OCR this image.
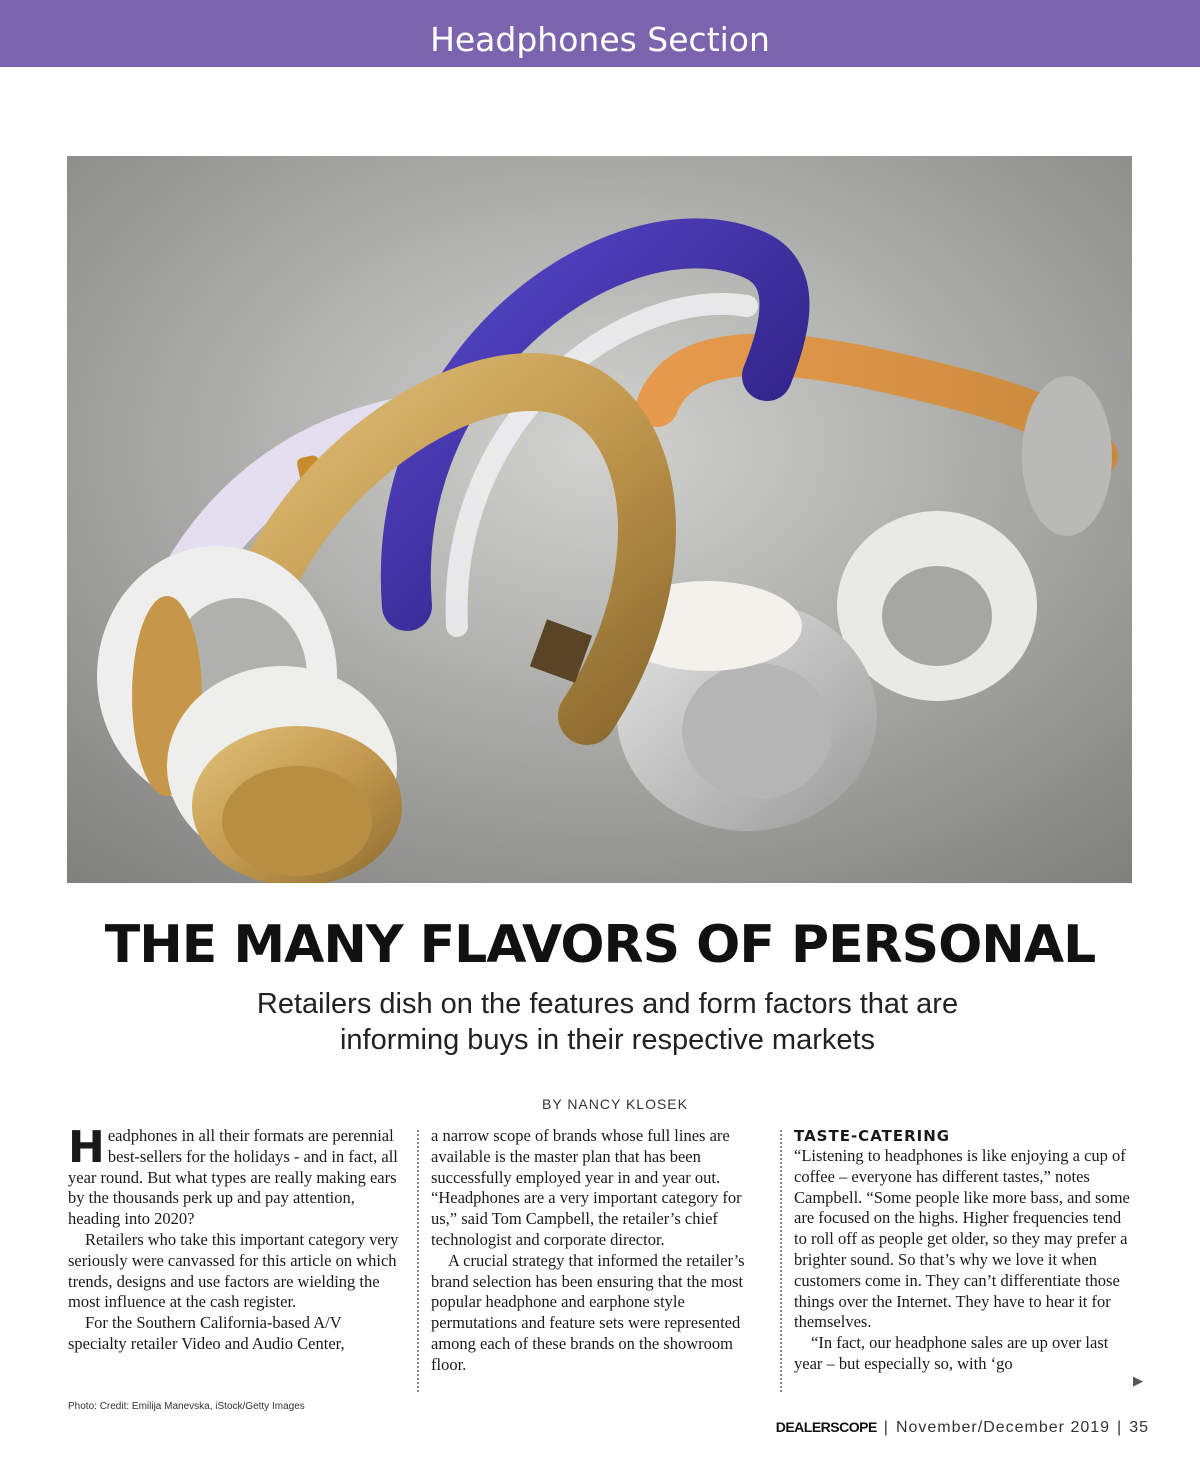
Headphones Section
THE MANY FLAVORS OF PERSONAL
Retailers dish on the features and form factors that are
informing buys in their respective markets
BY NANCY KLOSEK

Headphones in all their formats are perennial best-sellers for the holidays - and in fact, all year round. But what types are really making ears by the thousands perk up and pay attention, heading into 2020?

Retailers who take this important category very seriously were canvassed for this article on which trends, designs and use factors are wielding the most influence at the cash register.

For the Southern California-based A/V specialty retailer Video and Audio Center,

a narrow scope of brands whose full lines are available is the master plan that has been successfully employed year in and year out. “Headphones are a very important category for us,” said Tom Campbell, the retailer’s chief technologist and corporate director.

A crucial strategy that informed the retailer’s brand selection has been ensuring that the most popular headphone and earphone style permutations and feature sets were represented among each of these brands on the showroom floor.

TASTE-CATERING

“Listening to headphones is like enjoying a cup of coffee – everyone has different tastes,” notes Campbell. “Some people like more bass, and some are focused on the highs. Higher frequencies tend to roll off as people get older, so they may prefer a brighter sound. So that’s why we love it when customers come in. They can’t differentiate those things over the Internet. They have to hear it for themselves.

“In fact, our headphone sales are up over last year – but especially so, with ‘go

▶
Photo: Credit: Emilija Manevska, iStock/Getty Images
DEALERSCOPE | November/December 2019 | 35
